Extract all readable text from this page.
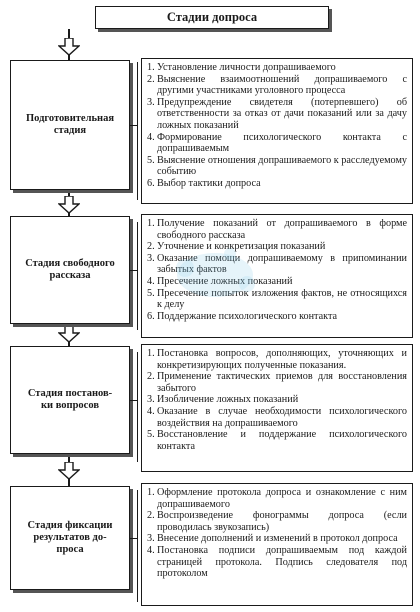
Стадии допроса
Подготовительная
стадия
1. Установление личности допрашиваемого
2. Выяснение взаимоотношений допрашиваемого с другими участниками уголовного процесса
3. Предупреждение свидетеля (потерпевшего) об ответственности за отказ от дачи показаний или за дачу ложных показаний
4. Формирование психологического контакта с допрашиваемым
5. Выяснение отношения допрашиваемого к расследуемому событию
6. Выбор тактики допроса
Стадия свободного
рассказа
1. Получение показаний от допрашиваемого в форме свободного рассказа
2. Уточнение и конкретизация показаний
3. Оказание помощи допрашиваемому в припоминании забытых фактов
4. Пресечение ложных показаний
5. Пресечение попыток изложения фактов, не относящихся к делу
6. Поддержание психологического контакта
Стадия постанов-
ки вопросов
1. Постановка вопросов, дополняющих, уточняющих и конкретизирующих полученные показания.
2. Применение тактических приемов для восстановления забытого
3. Изобличение ложных показаний
4. Оказание в случае необходимости психологического воздействия на допрашиваемого
5. Восстановление и поддержание психологического контакта
Стадия фиксации
результатов до-
проса
1. Оформление протокола допроса и ознакомление с ним допрашиваемого
2. Воспроизведение фонограммы допроса (если проводилась звукозапись)
3. Внесение дополнений и изменений в протокол допроса
4. Постановка подписи допрашиваемым под каждой страницей протокола. Подпись следователя под протоколом
